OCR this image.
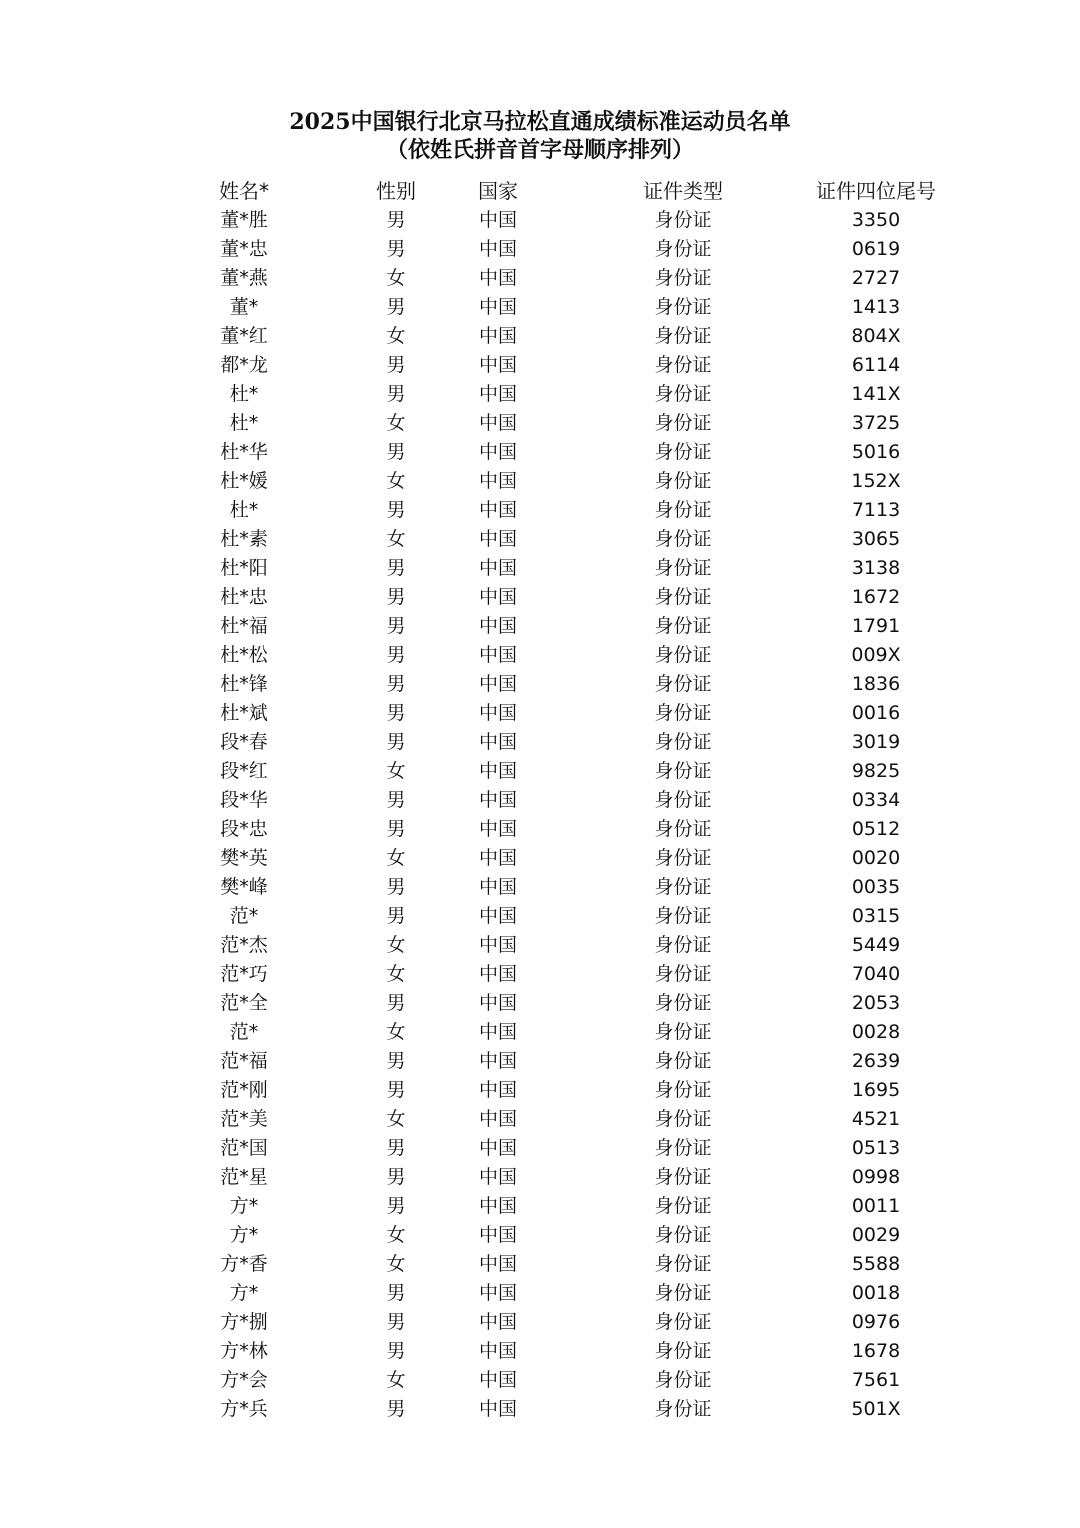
2025中国银行北京马拉松直通成绩标准运动员名单
（依姓氏拼音首字母顺序排列）
姓名*	性别	国家	证件类型	证件四位尾号
董*胜	男	中国	身份证	3350
董*忠	男	中国	身份证	0619
董*燕	女	中国	身份证	2727
董*	男	中国	身份证	1413
董*红	女	中国	身份证	804X
都*龙	男	中国	身份证	6114
杜*	男	中国	身份证	141X
杜*	女	中国	身份证	3725
杜*华	男	中国	身份证	5016
杜*媛	女	中国	身份证	152X
杜*	男	中国	身份证	7113
杜*素	女	中国	身份证	3065
杜*阳	男	中国	身份证	3138
杜*忠	男	中国	身份证	1672
杜*福	男	中国	身份证	1791
杜*松	男	中国	身份证	009X
杜*锋	男	中国	身份证	1836
杜*斌	男	中国	身份证	0016
段*春	男	中国	身份证	3019
段*红	女	中国	身份证	9825
段*华	男	中国	身份证	0334
段*忠	男	中国	身份证	0512
樊*英	女	中国	身份证	0020
樊*峰	男	中国	身份证	0035
范*	男	中国	身份证	0315
范*杰	女	中国	身份证	5449
范*巧	女	中国	身份证	7040
范*全	男	中国	身份证	2053
范*	女	中国	身份证	0028
范*福	男	中国	身份证	2639
范*刚	男	中国	身份证	1695
范*美	女	中国	身份证	4521
范*国	男	中国	身份证	0513
范*星	男	中国	身份证	0998
方*	男	中国	身份证	0011
方*	女	中国	身份证	0029
方*香	女	中国	身份证	5588
方*	男	中国	身份证	0018
方*捌	男	中国	身份证	0976
方*林	男	中国	身份证	1678
方*会	女	中国	身份证	7561
方*兵	男	中国	身份证	501X
